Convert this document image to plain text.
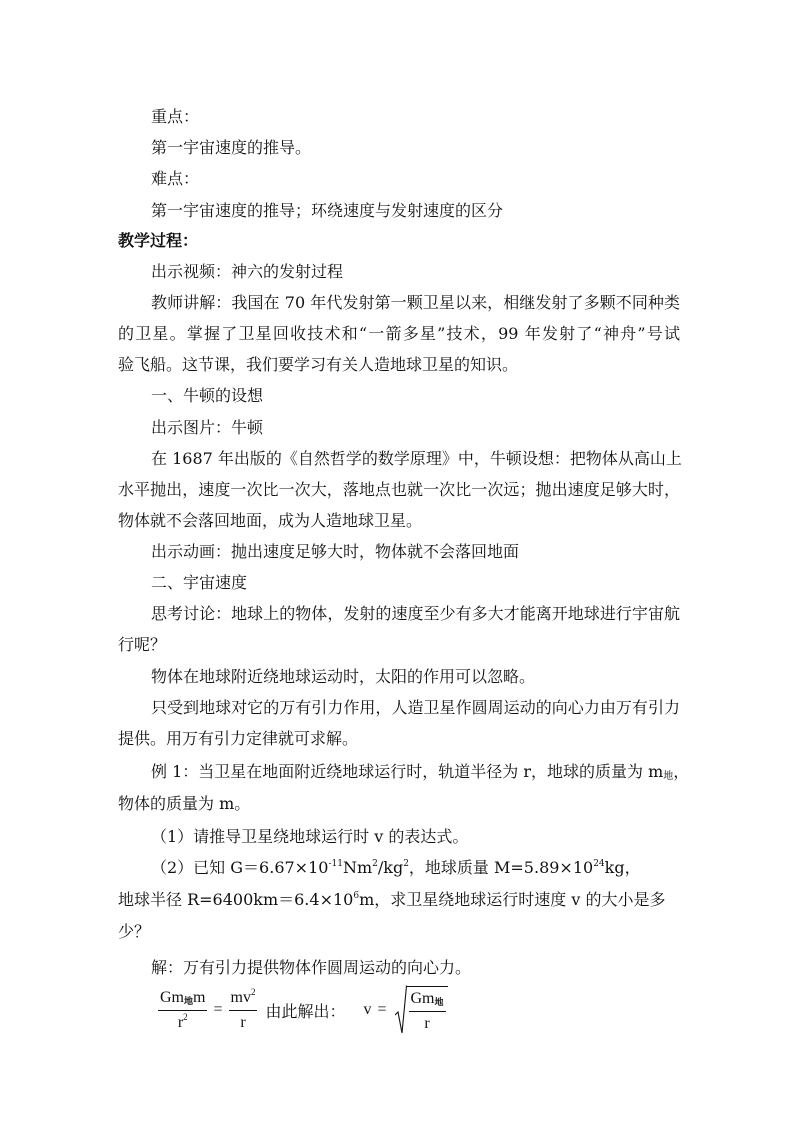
重点：
第一宇宙速度的推导。
难点：
第一宇宙速度的推导；环绕速度与发射速度的区分
教学过程：
出示视频：神六的发射过程
教师讲解：我国在 70 年代发射第一颗卫星以来，相继发射了多颗不同种类
的卫星。掌握了卫星回收技术和“一箭多星”技术，99 年发射了“神舟”号试
验飞船。这节课，我们要学习有关人造地球卫星的知识。
一、牛顿的设想
出示图片：牛顿
在 1687 年出版的《自然哲学的数学原理》中，牛顿设想：把物体从高山上
水平抛出，速度一次比一次大，落地点也就一次比一次远；抛出速度足够大时，
物体就不会落回地面，成为人造地球卫星。
出示动画：抛出速度足够大时，物体就不会落回地面
二、宇宙速度
思考讨论：地球上的物体，发射的速度至少有多大才能离开地球进行宇宙航
行呢？
物体在地球附近绕地球运动时，太阳的作用可以忽略。
只受到地球对它的万有引力作用，人造卫星作圆周运动的向心力由万有引力
提供。用万有引力定律就可求解。
例 1：当卫星在地面附近绕地球运行时，轨道半径为 r，地球的质量为 $m_地$，
物体的质量为 m。
（1）请推导卫星绕地球运行时 v 的表达式。
（2）已知 $G=6.67\times 10^{-11}Nm^2/kg^2$，地球质量 $M=5.89\times 10^{24}kg$，
地球半径 $R=6400km=6.4\times 10^6m$，求卫星绕地球运行时速度 v 的大小是多
少？
解：万有引力提供物体作圆周运动的向心力。
$\frac{Gm_地m}{r^2} = \frac{mv^2}{r}$ 由此解出： $v = \frac{Gm_地}{r}$
